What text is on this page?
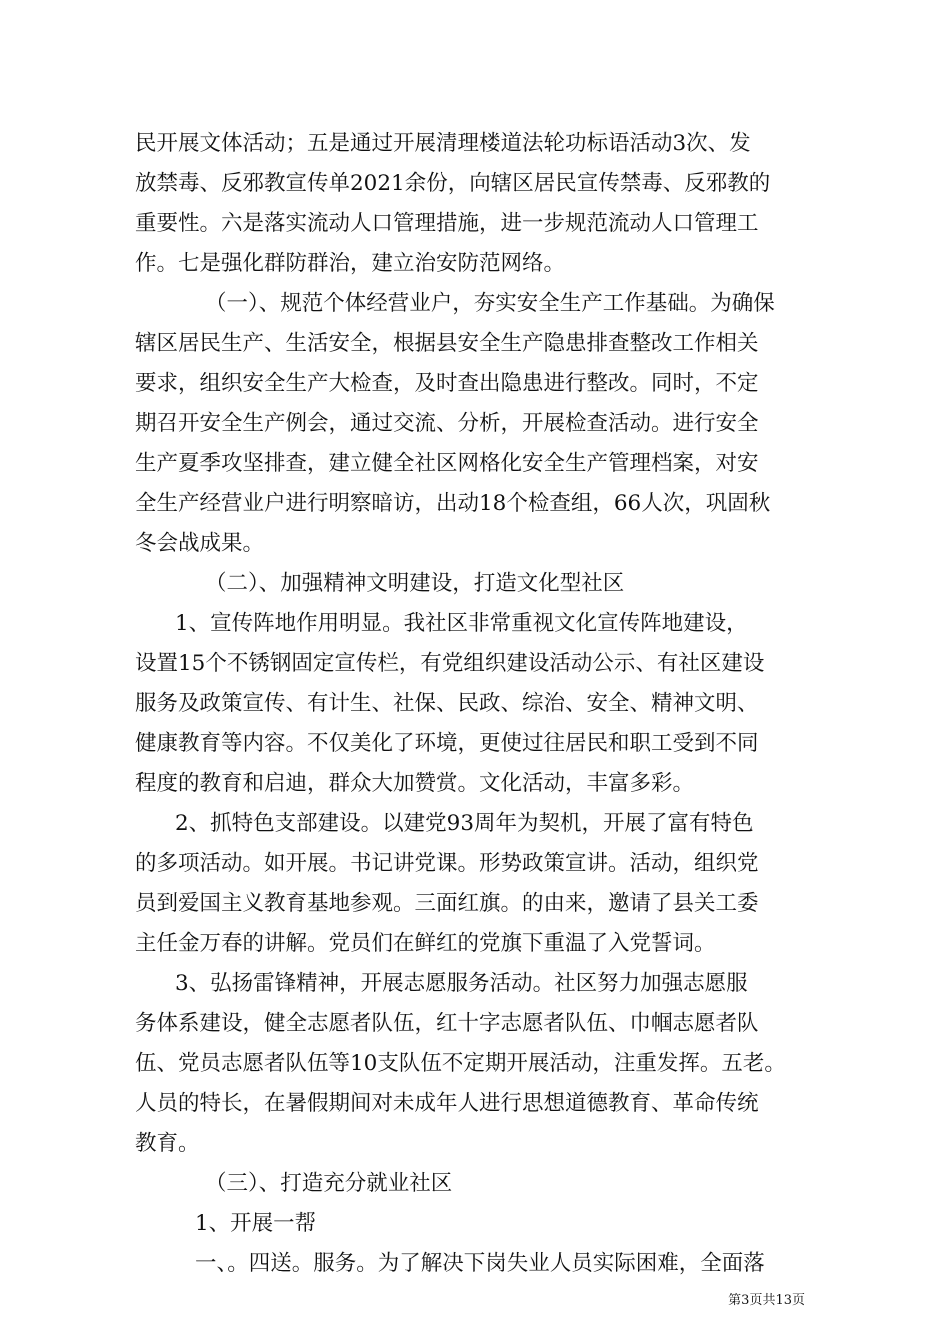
民开展文体活动；五是通过开展清理楼道法轮功标语活动3次、发
放禁毒、反邪教宣传单2021余份，向辖区居民宣传禁毒、反邪教的
重要性。六是落实流动人口管理措施，进一步规范流动人口管理工
作。七是强化群防群治，建立治安防范网络。
（一）、规范个体经营业户，夯实安全生产工作基础。为确保
辖区居民生产、生活安全，根据县安全生产隐患排查整改工作相关
要求，组织安全生产大检查，及时查出隐患进行整改。同时，不定
期召开安全生产例会，通过交流、分析，开展检查活动。进行安全
生产夏季攻坚排查，建立健全社区网格化安全生产管理档案，对安
全生产经营业户进行明察暗访，出动18个检查组，66人次，巩固秋
冬会战成果。
（二）、加强精神文明建设，打造文化型社区
1、宣传阵地作用明显。我社区非常重视文化宣传阵地建设，
设置15个不锈钢固定宣传栏，有党组织建设活动公示、有社区建设
服务及政策宣传、有计生、社保、民政、综治、安全、精神文明、
健康教育等内容。不仅美化了环境，更使过往居民和职工受到不同
程度的教育和启迪，群众大加赞赏。文化活动，丰富多彩。
2、抓特色支部建设。以建党93周年为契机，开展了富有特色
的多项活动。如开展。书记讲党课。形势政策宣讲。活动，组织党
员到爱国主义教育基地参观。三面红旗。的由来，邀请了县关工委
主任金万春的讲解。党员们在鲜红的党旗下重温了入党誓词。
3、弘扬雷锋精神，开展志愿服务活动。社区努力加强志愿服
务体系建设，健全志愿者队伍，红十字志愿者队伍、巾帼志愿者队
伍、党员志愿者队伍等10支队伍不定期开展活动，注重发挥。五老。
人员的特长，在暑假期间对未成年人进行思想道德教育、革命传统
教育。
（三）、打造充分就业社区
1、开展一帮
一、。四送。服务。为了解决下岗失业人员实际困难，全面落
第3页共13页
